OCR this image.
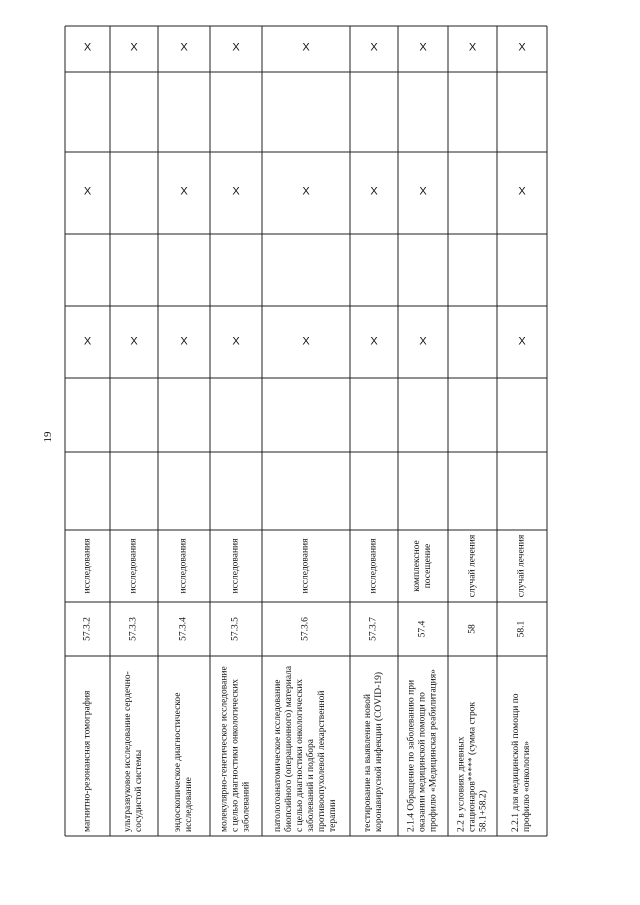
19
магнитно-резонансная томография
57.3.2
исследования
X
X
X
ультразвуковое исследование сердечно-сосудистой системы
57.3.3
исследования
X
X
эндоскопическое диагностическое исследование
57.3.4
исследования
X
X
X
молекулярно-генетическое исследование с целью диагностики онкологических заболеваний
57.3.5
исследования
X
X
X
патологоанатомическое исследование биопсийного (операционного) материала с целью диагностики онкологических заболеваний и подбора противоопухолевой лекарственной терапии
57.3.6
исследования
X
X
X
тестирование на выявление новой коронавирусной инфекции (COVID-19)
57.3.7
исследования
X
X
X
2.1.4 Обращение по заболеванию при оказании медицинской помощи по профилю «Медицинская реабилитация»
57.4
комплексное посещение
X
X
X
2.2 в условиях дневных стационаров***** (сумма строк 58.1+58.2)
58
случай лечения
X
2.2.1 для медицинской помощи по профилю «онкология»
58.1
случай лечения
X
X
X
